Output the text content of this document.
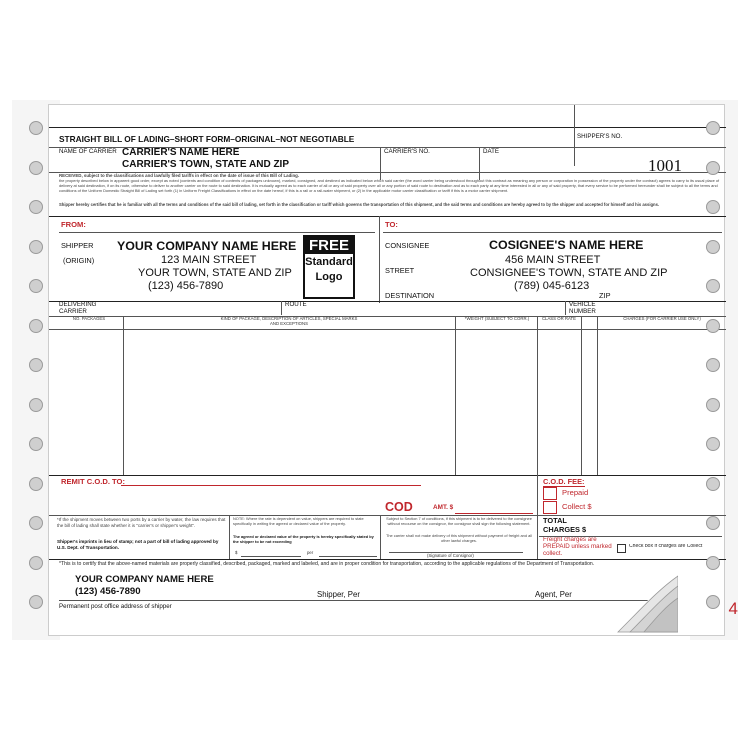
STRAIGHT BILL OF LADING–SHORT FORM–ORIGINAL–NOT NEGOTIABLE	SHIPPER'S NO.
NAME OF CARRIER CARRIER'S NAME HERE
CARRIER'S TOWN, STATE AND ZIP
CARRIER'S NO.	DATE
1001
RECEIVED, subject to the classifications and lawfully filed tariffs in effect on the date of issue of this Bill of Lading.
the property described below in apparent good order, except as noted (contents and condition of contents of packages unknown), marked, consigned, and destined as indicated below which said carrier (the word carrier being understood throughout this contract as meaning any person or corporation in possession of the property under the contract) agrees to carry to its usual place of delivery at said destination, if on its route, otherwise to deliver to another carrier on the route to said destination. It is mutually agreed as to each carrier of all or any of said property over all or any portion of said route to destination and as to each party at any time interested in all or any of said property, that every service to be performed hereunder shall be subject to all the terms and conditions of the Uniform Domestic Straight Bill of Lading set forth (1) in Uniform Freight Classifications in effect on the date hereof, if this is a rail or a rail-water shipment, or (2) in the applicable motor carrier classification or tariff if this is a motor carrier shipment.
Shipper hereby certifies that he is familiar with all the terms and conditions of the said bill of lading, set forth in the classification or tariff which governs the transportation of this shipment, and the said terms and conditions are hereby agreed to by the shipper and accepted for himself and his assigns.
FROM:
SHIPPER
(ORIGIN)
YOUR COMPANY NAME HERE
123 MAIN STREET
YOUR TOWN, STATE AND ZIP
(123) 456-7890
FREE
Standard
Logo
TO:
CONSIGNEE
STREET
DESTINATION	ZIP
COSIGNEE'S NAME HERE
456 MAIN STREET
CONSIGNEE'S TOWN, STATE AND ZIP
(789) 045-6123
DELIVERING CARRIER
ROUTE	VEHICLE NUMBER
NO. PACKAGES	KIND OF PACKAGE, DESCRIPTION OF ARTICLES, SPECIAL MARKS AND EXCEPTIONS
*WEIGHT (SUBJECT TO CORR.)	CLASS OR RATE	CHARGES (FOR CARRIER USE ONLY)
REMIT C.O.D. TO:
COD	AMT. $
C.O.D. FEE:
Prepaid
Collect $
*If the shipment moves between two ports by a carrier by water, the law requires that the bill of lading shall state whether it is "carrier's or shipper's weight".
Shipper's imprints in lieu of stamp; not a part of bill of lading approved by U.S. Dept. of Transportation.
NOTE: Where the rate is dependent on value, shippers are required to state specifically in writing the agreed or declared value of the property.
The agreed or declared value of the property is hereby specifically stated by the shipper to be not exceeding
$	per
Subject to Section 7 of conditions, if this shipment is to be delivered to the consignee without recourse on the consignor, the consignor shall sign the following statement.
The carrier shall not make delivery of this shipment without payment of freight and all other lawful charges.
(Signature of Consignor)
TOTAL
CHARGES $
Freight charges are PREPAID unless marked collect.
Check box if charges are Collect
*This is to certify that the above-named materials are properly classified, described, packaged, marked and labeled, and are in proper condition for transportation, according to the applicable regulations of the Department of Transportation.
YOUR COMPANY NAME HERE
(123) 456-7890	Shipper, Per	Agent, Per
Permanent post office address of shipper	4
